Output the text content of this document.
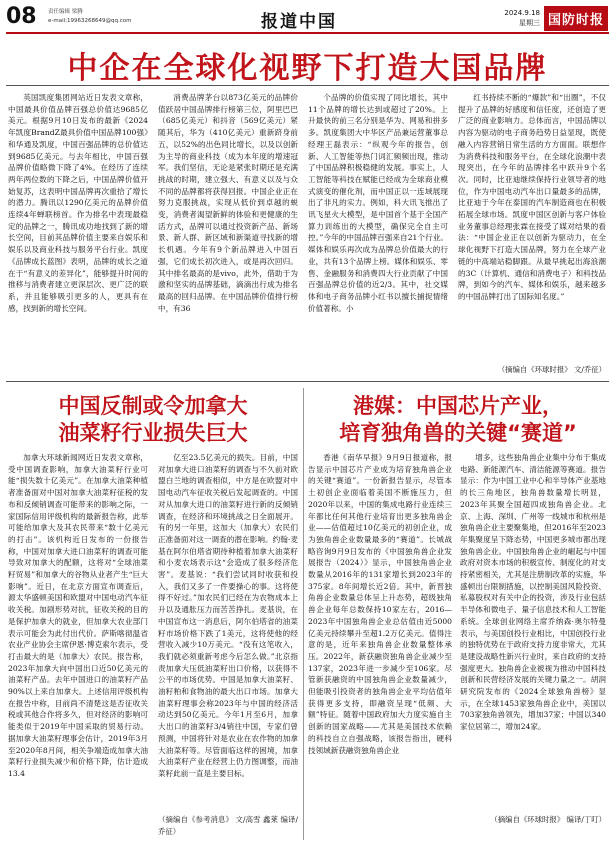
08 责任编辑 梁腾
e-mail:19963268649@qq.com	报道中国	2024.9.18
星期三 国防时报
中企在全球化视野下打造大国品牌

英国凯度集团网站近日发表文章称，中国最具价值品牌百强总价值达9685亿美元。根据9月10日发布的最新《2024年凯度BrandZ最具价值中国品牌100强》和华通及凯度，中国百强品牌的总价值达到9685亿美元。与去年相比，中国百强品牌价值略微下降了4%。在经历了连续两年两位数的下降之后，中国品牌价值开始复苏，这表明中国品牌再次重拾了增长的潜力。腾讯以1290亿美元的品牌价值连续4年蝉联榜首。作为排名中表现最稳定的品牌之一，腾讯成功地找到了新的增长空间，目前其品牌价值主要来自娱乐和娱乐以及商业科技与服务平台行业。凯度《品牌成长蓝图》表明，品牌的成长之道在于“有意义的差异化”，能够提升时间的推移与消费者建立更深层次、更广泛的联系，并且能够吸引更多的人，更具有在感，找到新的增长空间。

消费品牌茅台以873亿美元的品牌价值跃居中国品牌排行榜第三位，阿里巴巴（685亿美元）和抖音（569亿美元）紧随其后，华为（410亿美元）重新跻身前五，以52%的出色同比增长，以及以创新为主导的商业科技（成为本年度的增速冠军。我们坚信，无论是紧张时期还是充满挑战的时期，建立强大、有意义以及与众不同的品牌都将获得回报。中国企业正在努力克服挑战，实现从低价到卓越的蜕变，消费者渴望新鲜的体验和更健康的生活方式，品牌可以通过投资新产品、新场景、新人群、新区域和新渠道寻找新的增长机遇。今年有9个新品牌进入中国百强，它们成长初次进入，或是再次回归。其中排名最高的是vivo，此外，借助于为激和坚实的品牌基础，滴滴出行成为排名最高的回归品牌。在中国品牌价值排行榜中，有36

个品牌的价值实现了同比增长，其中11个品牌的增长达到或超过了20%。上升最快的前三名分别是华为、网易和拼多多。凯度集团大中华区产品兼运营董事总经理王磊表示：“纵观今年的报告，创新、人工智能等热门词汇频频出现，推动了中国品牌积极稳健的发展。事实上，人工智能等科技在赋能已经成为全球商业模式演变的催化剂，而中国正以一连域展现出了非凡的实力。例如，科大讯飞推出了讯飞星火大模型，是中国首个基于全国产算力训练出的大模型，确保完全自主可控。”今年的中国品牌百强来自21个行业。媒体和娱乐再次成为品牌总价值最大的行业，共有13个品牌上榜。媒体和娱乐、零售、金融服务和消费四大行业贡献了中国百强品牌总价值的近2/3。其中，社交媒体和电子商务品牌小红书以擅长捕捉情绪价值著称。小

红书持续不断的“爆款”和“出圈”，不仅提升了品牌的好感度和信任度，还创造了更广泛的商业影响力。总体而言，中国品牌以内容为驱动的电子商务趋势日益显现，既使融入内容营销日常生活的方方面面。联想作为消费科技和服务平台，在全球化浪潮中表现突出，在今年的品牌排名中跃升9个名次。同时，比亚迪继续保持行业领导者的地位，作为中国电动汽车出口量最多的品牌，比亚迪于今年在泰国的汽车制造商也在积极拓展全球市场。凯度中国区创新与客户体验业务董事总经理张霖在接受了媒对结果的看法：“中国企业正在以创新为驱动力，在全球化视野下打造大国品牌，努力在全球产业链的中高端站稳脚跟。从最早挑起出海浪潮的3C（计算机、通信和消费电子）和科技品牌，到如今的汽车、媒体和娱乐，越来越多的中国品牌打出了国际知名度。”

（摘编自《环球时报》 文/乔征）
中国反制或令加拿大
油菜籽行业损失巨大

加拿大环球新闻网近日发表文章称，受中国调查影响，加拿大油菜籽行业可能“损失数十亿美元”。在加拿大油菜种植者准备面对中国对加拿大油菜籽征税的发布和反倾销调查可能带来的影响之际，一家国际信用评级机构的最新报告称，此举可能给加拿大及其农民带来“数十亿美元的打击”。该机构近日发布的一份报告称，中国对加拿大进口油菜籽的调查可能导致对加拿大的配额，这将对“全球油菜籽贸易”和加拿大的谷物从业者产生“巨大影响”。近日，在北京方面宣布调查后，源太华盛顿美国和欧盟对中国电动汽车征收关税。加剧形势对抗，征收关税的目的是保护加拿大的就业，但加拿大农业部门表示可能会为此付出代价。萨斯喀彻温省农业产业协会主席伊恩·博克索尔表示，受打击最大的是（加拿大）农民。报告称，2023年加拿大向中国出口近50亿美元的油菜籽产品。去年中国进口的油菜籽产品90%以上来自加拿大。上述信用评级机构在报告中称，目前尚不清楚这是否征收关税或其他合作将多久，但对经济的影响可能类似于2019年中国采取的贸易行动。据加拿大油菜籽理事会估计，2019年3月至2020年8月间，相关争端造成加拿大油菜籽行业损失减少和价格下降，估计造成13.4

亿至23.5亿美元的损失。目前，中国对加拿大进口油菜籽的调查与不久前对欧盟白兰地的调查相似，中方是在欧盟对中国电动汽车征收关税后发起调查的。中国对从加拿大进口的油菜籽进行新的反倾销调查，在经济和环境挑战之日全面展开。有的另一年里，这加大（加拿大）农民们正准备面对这一调查的潜在影响。约翰·麦基在阿尔伯塔省期待种植着加拿大油菜籽和小麦农场表示这“会造成了很多经济危害”。麦基说：“我们尝试同时收获和投入，我们又多了一件要操心的事。这将使得不好过。”加农民们已经在为农物成本上升以及通胀压力而苦苦挣扎。麦基说，在中国宣布这一消息后，阿尔伯塔省的油菜籽市场价格下跌了1美元，这将使他的经营收入减少10万美元。“没有这笔收入，我们就必须重新考虑今后怎么做。”北京指责加拿大压低油菜籽出口价格，以获得不公平的市场优势。中国是加拿大油菜籽、油籽粕和食物油的最大出口市场。加拿大油菜籽理事会称2023年与中国的经济活动达到50亿美元。今年1月至6月，加拿大出口的油菜籽3/4销往中国，专家们曾预测，中国将针对是农业在农作物的加拿大油菜籽等。尽管面临这样的困境，加拿大油菜籽产业在经营上仍力图调整，而油菜籽此前一直是主要目标。

（摘编自《参考消息》 文/高雪 鑫莱 编译/乔征）
港媒：中国芯片产业，
培育独角兽的关键“赛道”

香港《南华早报》9月9日报道称，报告显示中国芯片产业成为培育独角兽企业的关键“赛道”。一份新报告显示，尽管本土初创企业面临着美国不断施压力，但2020年以来，中国的集成电路行业连续三年都比任何其他行业培育出更多独角兽企业——估值超过10亿美元的初创企业，成为独角兽企业数量最多的“赛道”。长城战略咨询9月9日发布的《中国独角兽企业发展报告（2024）》显示，中国独角兽企业数量从2016年的131家增长到2023年的375家。8年间增长近2倍。其中，新晋独角兽企业数量总体呈上升态势，超级独角兽企业每年总数保持10家左右，2016—2023年中国独角兽企业总估值由近5000亿美元持续攀升至超1.2万亿美元。值得注意的是，近年来独角兽企业数量整体承压。2022年，新获融资独角兽企业减少至137家，2023年进一步减少至106家。尽管新获融资的中国独角兽企业数量减少，但能吸引投资者的独角兽企业平均估值年获得更多支持，即融资呈现“低频、大额”特征。随着中国政府加大力度实施自主创新的国家战略——尤其是美国技术依赖的科技自立自强战略，该报告指出，硬科技领域新获融资独角兽企业

增多，这些独角兽企业集中分布于集成电路、新能源汽车、清洁能源等赛道。报告显示：作为中国工业中心和半导体产业基地的长三角地区，独角兽数量增长明显，2023年其聚全国超四成独角兽企业。北京、上海、深圳、广州等一线城市和杭州是独角兽企业主要聚集地，但2016年至2023年集聚度呈下降态势，中国更多城市都出现独角兽企业。中国独角兽企业的崛起与中国政府对资本市场的积极宣传、制度化的对支持紧密相关，尤其是注册制改革的实施，华盛顿出台限制措施，以控制美国风险投资、私募股权对有关中企的投资，涉及行业包括半导体和微电子、量子信息技术和人工智能系统。全球创业网络主席乔纳森·奥尔特曼表示，与美国创投行业相比，中国创投行业的独特优势在于政府支持力度非常大，尤其是建设战略性新兴行业时，来自政府的支持强度更大。独角兽企业被视为推动中国科技创新和民营经济发展的关键力量之一。胡润研究院发布的《2024全球独角兽榜》显示，在全球1453家独角兽企业中，美国以703家独角兽领先，增加37家；中国以340家位居第二，增加24家。

（摘编自《环球时报》 编译/丁叮）
